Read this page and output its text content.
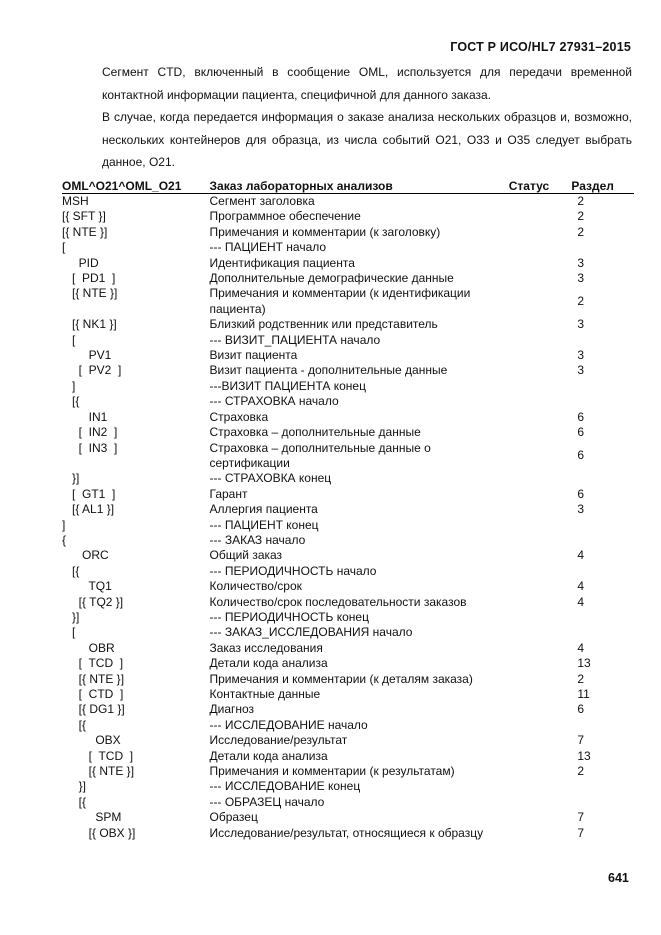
ГОСТ Р ИСО/HL7 27931–2015
Сегмент CTD, включенный в сообщение OML, используется для передачи временной контактной информации пациента, специфичной для данного заказа.
В случае, когда передается информация о заказе анализа нескольких образцов и, возможно, нескольких контейнеров для образца, из числа событий O21, O33 и O35 следует выбрать данное, O21.
OML^O21^OML_O21	Заказ лабораторных анализов	Статус	Раздел
MSH	Сегмент заголовка		2
[{ SFT }]	Программное обеспечение		2
[{ NTE }]	Примечания и комментарии (к заголовку)		2
[	--- ПАЦИЕНТ начало		
PID	Идентификация пациента		3
[  PD1  ]	Дополнительные демографические данные		3
[{ NTE }]	Примечания и комментарии (к идентификации пациента)		2
[{ NK1 }]	Близкий родственник или представитель		3
[	--- ВИЗИТ_ПАЦИЕНТА начало		
PV1	Визит пациента		3
[  PV2  ]	Визит пациента - дополнительные данные		3
]	---ВИЗИТ ПАЦИЕНТА конец		
[{	--- СТРАХОВКА начало		
IN1	Страховка		6
[  IN2  ]	Страховка – дополнительные данные		6
[  IN3  ]	Страховка – дополнительные данные о сертификации		6
}]	--- СТРАХОВКА конец		
[  GT1  ]	Гарант		6
[{ AL1 }]	Аллергия пациента		3
]	--- ПАЦИЕНТ конец		
{	--- ЗАКАЗ начало		
ORC	Общий заказ		4
[{	--- ПЕРИОДИЧНОСТЬ начало		
TQ1	Количество/срок		4
[{ TQ2 }]	Количество/срок последовательности заказов		4
}]	--- ПЕРИОДИЧНОСТЬ конец		
[	--- ЗАКАЗ_ИССЛЕДОВАНИЯ начало		
OBR	Заказ исследования		4
[  TCD  ]	Детали кода анализа		13
[{ NTE }]	Примечания и комментарии (к деталям заказа)		2
[  CTD  ]	Контактные данные		11
[{ DG1 }]	Диагноз		6
[{	--- ИССЛЕДОВАНИЕ начало		
OBX	Исследование/результат		7
[  TCD  ]	Детали кода анализа		13
[{ NTE }]	Примечания и комментарии (к результатам)		2
}]	--- ИССЛЕДОВАНИЕ конец		
[{	--- ОБРАЗЕЦ начало		
SPM	Образец		7
[{ OBX }]	Исследование/результат, относящиеся к образцу		7
641
